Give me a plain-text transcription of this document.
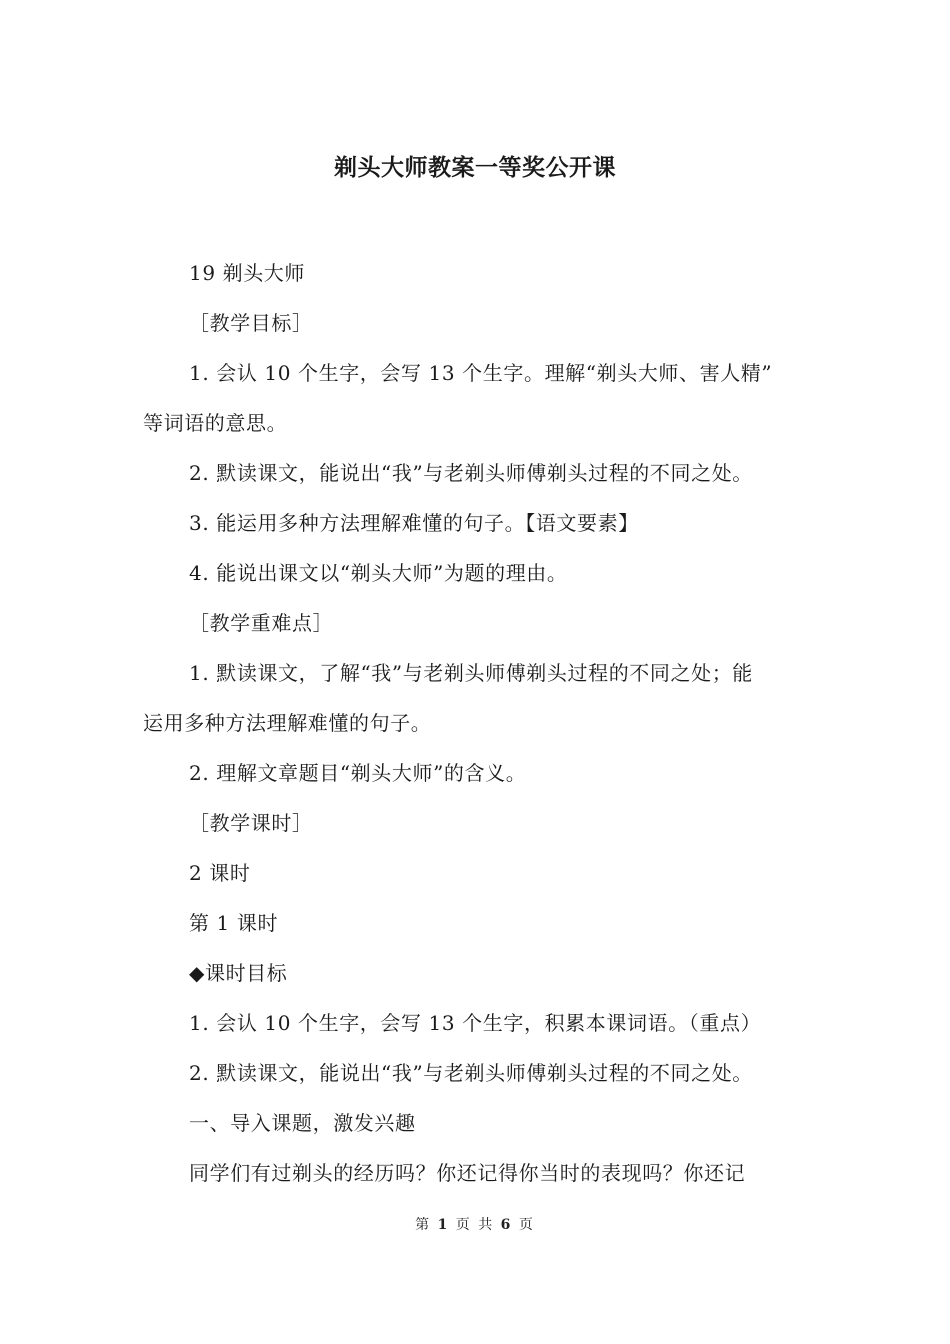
剃头大师教案一等奖公开课

19 剃头大师

［教学目标］

1. 会认 10 个生字，会写 13 个生字。理解“剃头大师、害人精”

等词语的意思。

2. 默读课文，能说出“我”与老剃头师傅剃头过程的不同之处。

3. 能运用多种方法理解难懂的句子。【语文要素】

4. 能说出课文以“剃头大师”为题的理由。

［教学重难点］

1. 默读课文，了解“我”与老剃头师傅剃头过程的不同之处；能

运用多种方法理解难懂的句子。

2. 理解文章题目“剃头大师”的含义。

［教学课时］

2 课时

第 1 课时

◆课时目标

1. 会认 10 个生字，会写 13 个生字，积累本课词语。（重点）

2. 默读课文，能说出“我”与老剃头师傅剃头过程的不同之处。

一、导入课题，激发兴趣

同学们有过剃头的经历吗？你还记得你当时的表现吗？你还记

第 1 页 共 6 页
